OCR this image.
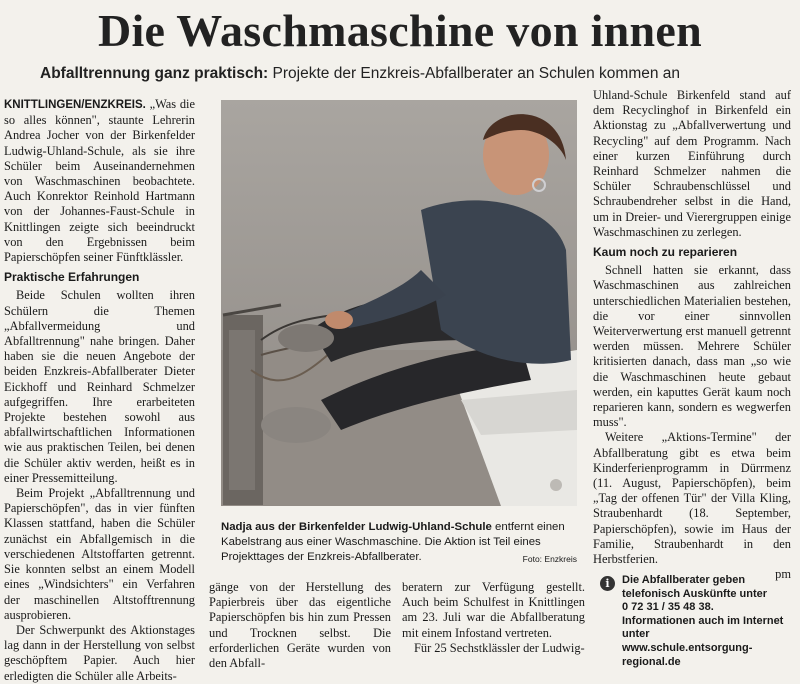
Die Waschmaschine von innen
Abfalltrennung ganz praktisch: Projekte der Enzkreis-Abfallberater an Schulen kommen an

KNITTLINGEN/ENZKREIS. „Was die so alles können", staunte Lehrerin Andrea Jocher von der Birkenfelder Ludwig-Uhland-Schule, als sie ihre Schüler beim Auseinandernehmen von Waschmaschinen beobachtete. Auch Konrektor Reinhold Hartmann von der Johannes-Faust-Schule in Knittlingen zeigte sich beeindruckt von den Ergebnissen beim Papierschöpfen seiner Fünftklässler.

Praktische Erfahrungen

Beide Schulen wollten ihren Schülern die Themen „Abfallvermeidung und Abfalltrennung" nahe bringen. Daher haben sie die neuen Angebote der beiden Enzkreis-Abfallberater Dieter Eickhoff und Reinhard Schmelzer aufgegriffen. Ihre erarbeiteten Projekte bestehen sowohl aus abfallwirtschaftlichen Informationen wie aus praktischen Teilen, bei denen die Schüler aktiv werden, heißt es in einer Pressemitteilung.

Beim Projekt „Abfalltrennung und Papierschöpfen", das in vier fünften Klassen stattfand, haben die Schüler zunächst ein Abfallgemisch in die verschiedenen Altstoffarten getrennt. Sie konnten selbst an einem Modell eines „Windsichters" ein Verfahren der maschinellen Altstofftrennung ausprobieren.

Der Schwerpunkt des Aktionstages lag dann in der Herstellung von selbst geschöpftem Papier. Auch hier erledigten die Schüler alle Arbeits-

Nadja aus der Birkenfelder Ludwig-Uhland-Schule entfernt einen Kabelstrang aus einer Waschmaschine. Die Aktion ist Teil eines Projekttages der Enzkreis-Abfallberater.	Foto: Enzkreis

gänge von der Herstellung des Papierbreis über das eigentliche Papierschöpfen bis hin zum Pressen und Trocknen selbst. Die erforderlichen Geräte wurden von den Abfall-

beratern zur Verfügung gestellt. Auch beim Schulfest in Knittlingen am 23. Juli war die Abfallberatung mit einem Infostand vertreten.

Für 25 Sechstklässler der Ludwig-

Uhland-Schule Birkenfeld stand auf dem Recyclinghof in Birkenfeld ein Aktionstag zu „Abfallverwertung und Recycling" auf dem Programm. Nach einer kurzen Einführung durch Reinhard Schmelzer nahmen die Schüler Schraubenschlüssel und Schraubendreher selbst in die Hand, um in Dreier- und Vierergruppen einige Waschmaschinen zu zerlegen.

Kaum noch zu reparieren

Schnell hatten sie erkannt, dass Waschmaschinen aus zahlreichen unterschiedlichen Materialien bestehen, die vor einer sinnvollen Weiterverwertung erst manuell getrennt werden müssen. Mehrere Schüler kritisierten danach, dass man „so wie die Waschmaschinen heute gebaut werden, ein kaputtes Gerät kaum noch reparieren kann, sondern es wegwerfen muss".

Weitere „Aktions-Termine" der Abfallberatung gibt es etwa beim Kinderferienprogramm in Dürrmenz (11. August, Papierschöpfen), beim „Tag der offenen Tür" der Villa Kling, Straubenhardt (18. September, Papierschöpfen), sowie im Haus der Familie, Straubenhardt in den Herbstferien.

pm

i	Die Abfallberater geben telefonisch Auskünfte unter
0 72 31 / 35 48 38.
Informationen auch im Internet unter
www.schule.entsorgung-regional.de
